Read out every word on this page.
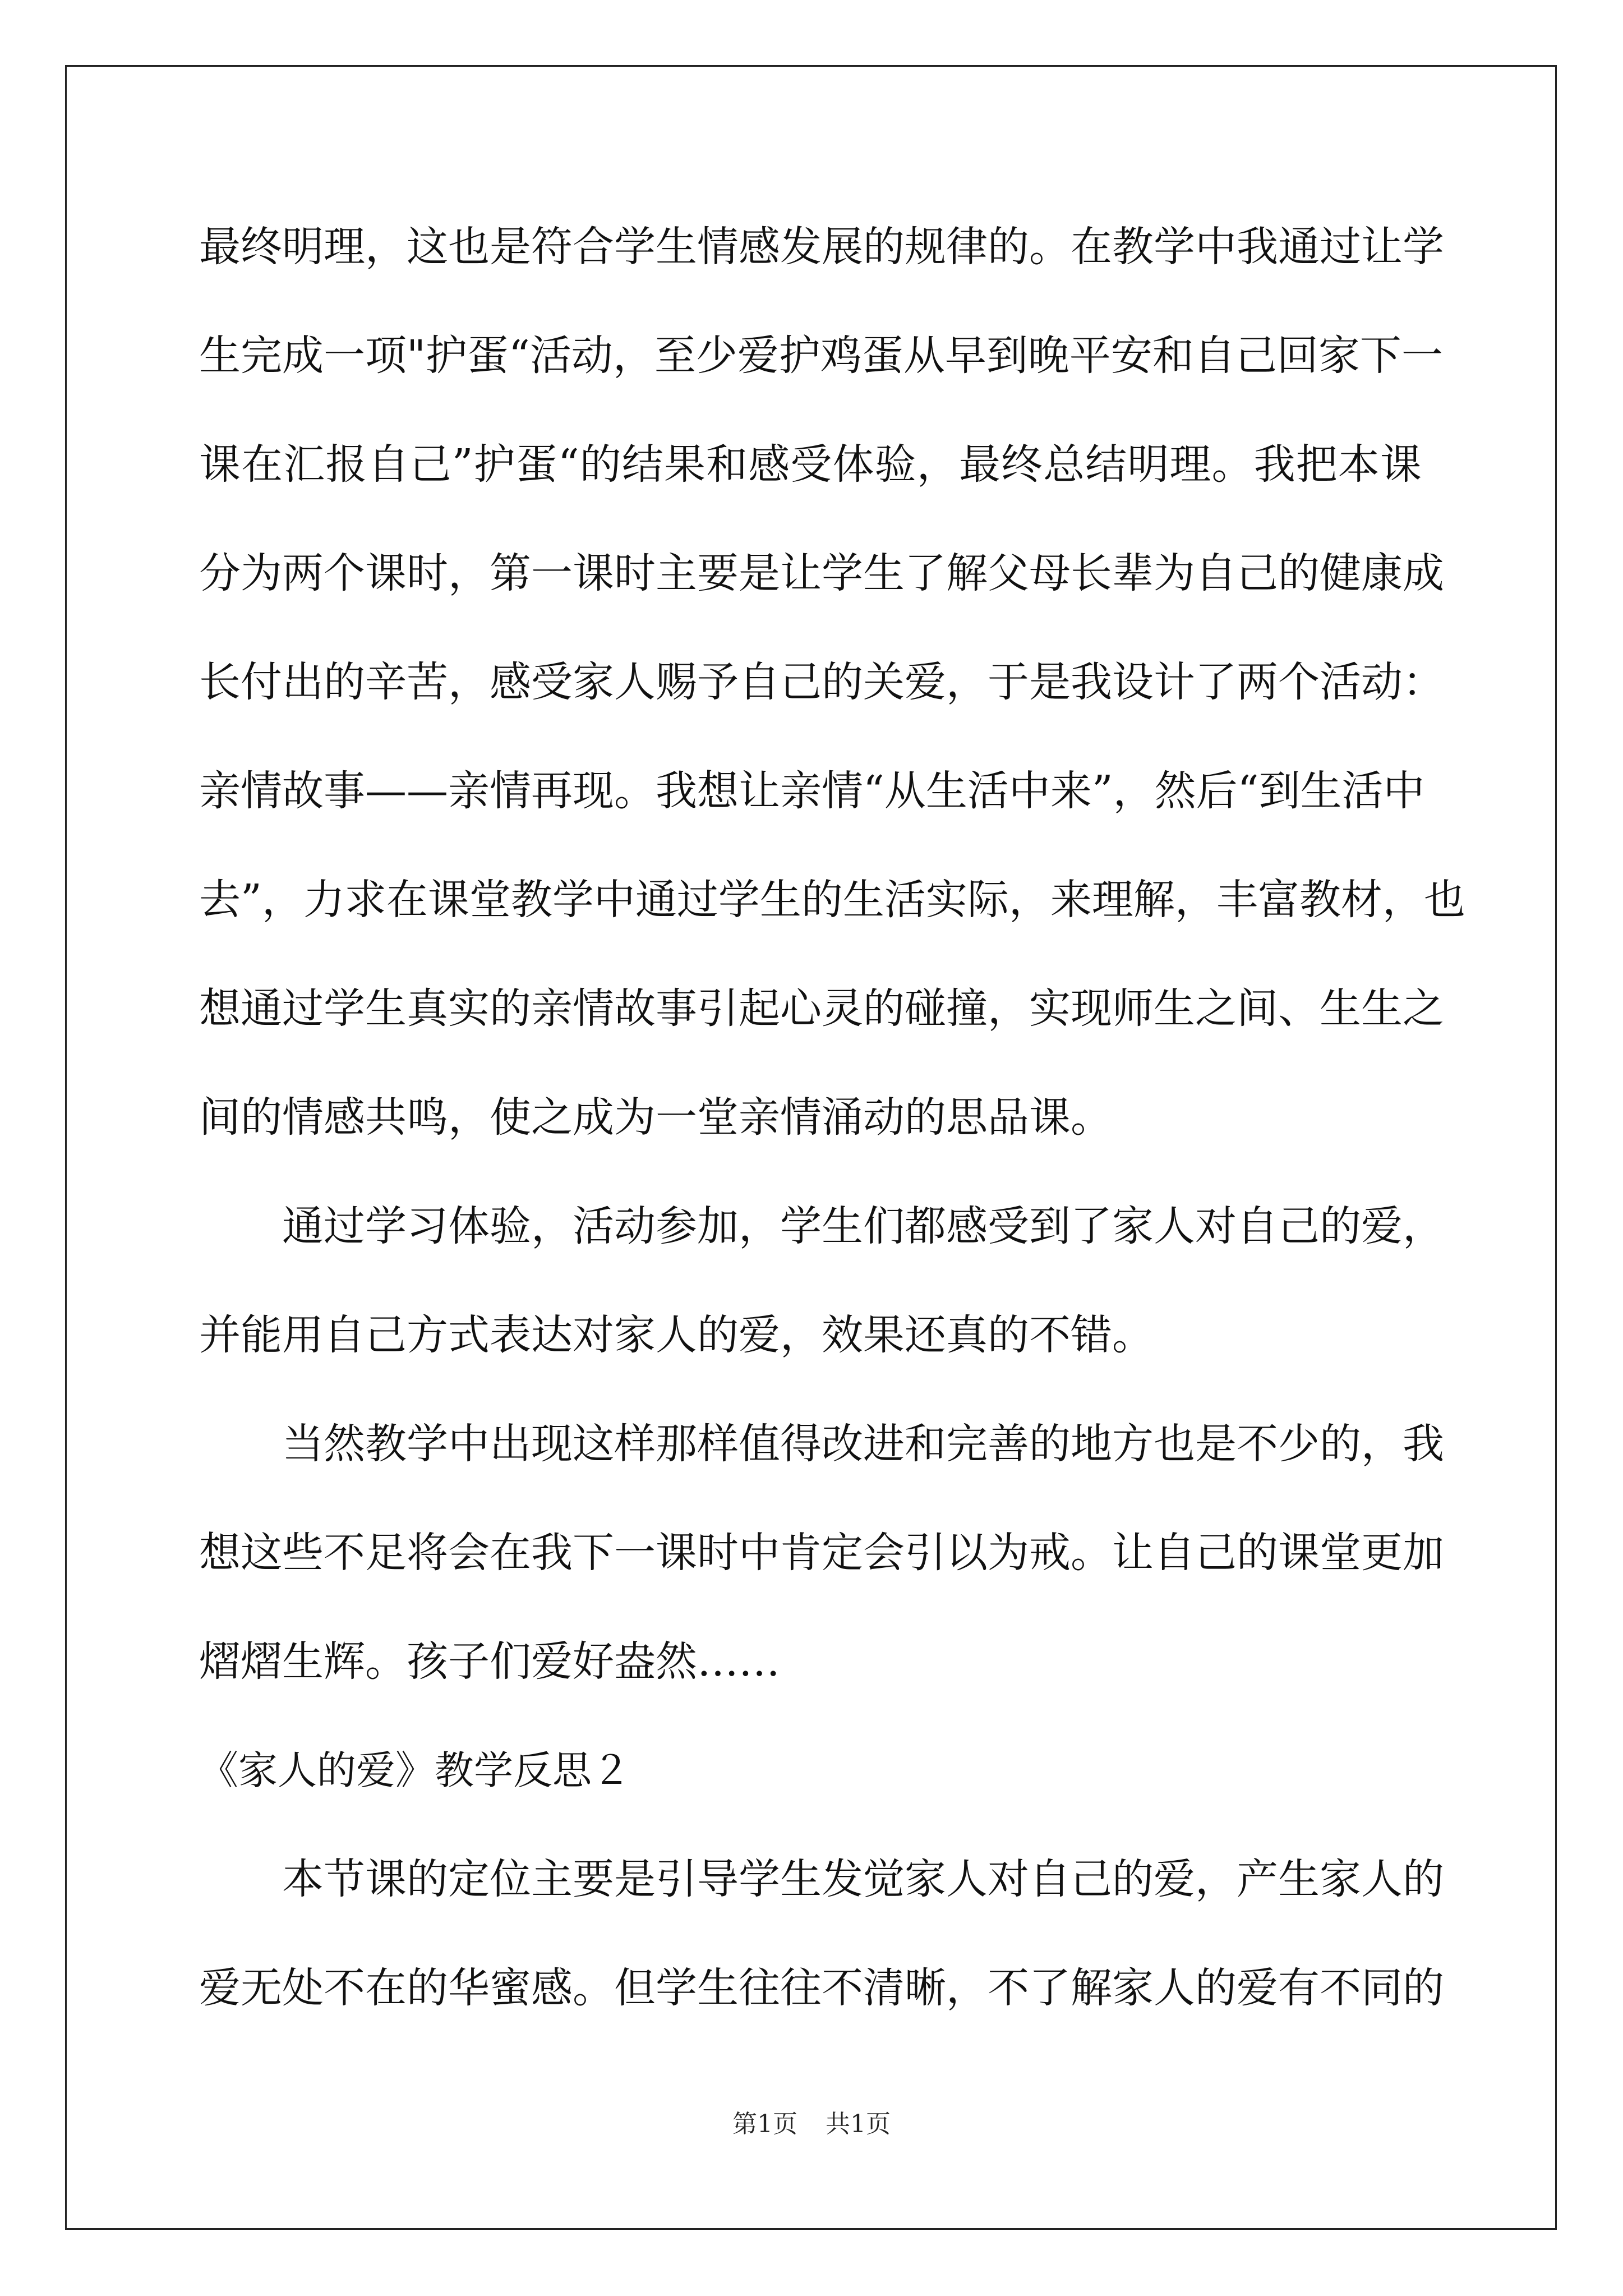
最终明理，这也是符合学生情感发展的规律的。在教学中我通过让学
生完成一项"护蛋“活动，至少爱护鸡蛋从早到晚平安和自己回家下一
课在汇报自己”护蛋“的结果和感受体验，最终总结明理。我把本课
分为两个课时，第一课时主要是让学生了解父母长辈为自己的健康成
长付出的辛苦，感受家人赐予自己的关爱，于是我设计了两个活动：
亲情故事——亲情再现。我想让亲情“从生活中来”，然后“到生活中
去”，力求在课堂教学中通过学生的生活实际，来理解，丰富教材，也
想通过学生真实的亲情故事引起心灵的碰撞，实现师生之间、生生之
间的情感共鸣，使之成为一堂亲情涌动的思品课。
通过学习体验，活动参加，学生们都感受到了家人对自己的爱，
并能用自己方式表达对家人的爱，效果还真的不错。
当然教学中出现这样那样值得改进和完善的地方也是不少的，我
想这些不足将会在我下一课时中肯定会引以为戒。让自己的课堂更加
熠熠生辉。孩子们爱好盎然……
《家人的爱》教学反思２
本节课的定位主要是引导学生发觉家人对自己的爱，产生家人的
爱无处不在的华蜜感。但学生往往不清晰，不了解家人的爱有不同的
第1页 共1页
